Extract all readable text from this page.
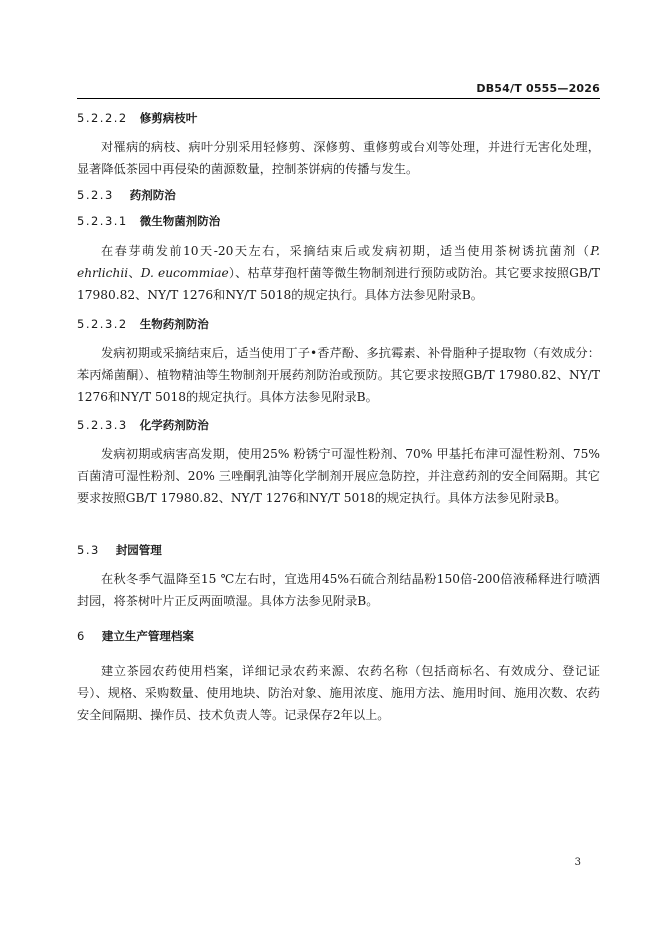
DB54/T 0555—2026
5.2.2.2 修剪病枝叶
对罹病的病枝、病叶分别采用轻修剪、深修剪、重修剪或台刈等处理，并进行无害化处理，显著降低茶园中再侵染的菌源数量，控制茶饼病的传播与发生。
5.2.3 药剂防治
5.2.3.1 微生物菌剂防治
在春芽萌发前10天-20天左右，采摘结束后或发病初期，适当使用茶树诱抗菌剂（P. ehrlichii、D. eucommiae）、枯草芽孢杆菌等微生物制剂进行预防或防治。其它要求按照GB/T 17980.82、NY/T 1276和NY/T 5018的规定执行。具体方法参见附录B。
5.2.3.2 生物药剂防治
发病初期或采摘结束后，适当使用丁子•香芹酚、多抗霉素、补骨脂种子提取物（有效成分：苯丙烯菌酮）、植物精油等生物制剂开展药剂防治或预防。其它要求按照GB/T 17980.82、NY/T 1276和NY/T 5018的规定执行。具体方法参见附录B。
5.2.3.3 化学药剂防治
发病初期或病害高发期，使用25% 粉锈宁可湿性粉剂、70% 甲基托布津可湿性粉剂、75% 百菌清可湿性粉剂、20% 三唑酮乳油等化学制剂开展应急防控，并注意药剂的安全间隔期。其它要求按照GB/T 17980.82、NY/T 1276和NY/T 5018的规定执行。具体方法参见附录B。
5.3 封园管理
在秋冬季气温降至15 ℃左右时，宜选用45%石硫合剂结晶粉150倍-200倍液稀释进行喷洒封园，将茶树叶片正反两面喷湿。具体方法参见附录B。
6 建立生产管理档案
建立茶园农药使用档案，详细记录农药来源、农药名称（包括商标名、有效成分、登记证号）、规格、采购数量、使用地块、防治对象、施用浓度、施用方法、施用时间、施用次数、农药安全间隔期、操作员、技术负责人等。记录保存2年以上。
3
